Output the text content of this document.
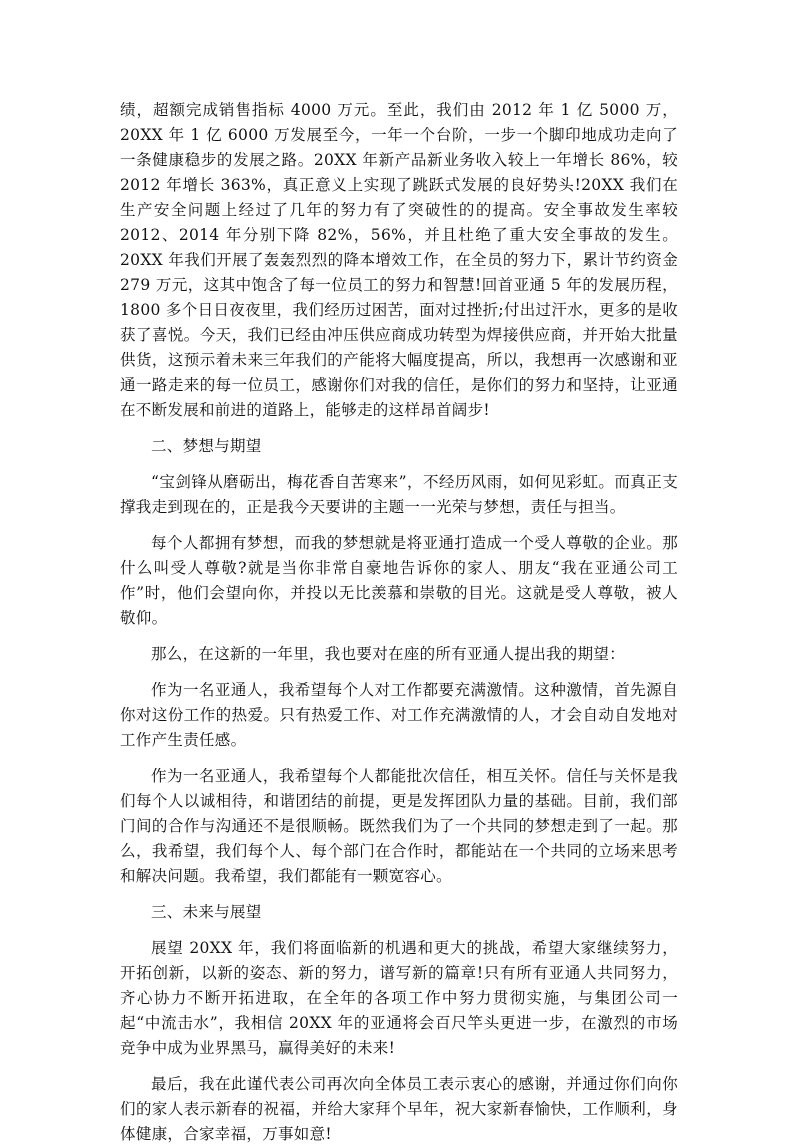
绩，超额完成销售指标 4000 万元。至此，我们由 2012 年 1 亿 5000 万，20XX 年 1 亿 6000 万发展至今，一年一个台阶，一步一个脚印地成功走向了一条健康稳步的发展之路。20XX 年新产品新业务收入较上一年增长 86%，较 2012 年增长 363%，真正意义上实现了跳跃式发展的良好势头!20XX 我们在生产安全问题上经过了几年的努力有了突破性的的提高。安全事故发生率较 2012、2014 年分别下降 82%，56%，并且杜绝了重大安全事故的发生。20XX 年我们开展了轰轰烈烈的降本增效工作，在全员的努力下，累计节约资金 279 万元，这其中饱含了每一位员工的努力和智慧!回首亚通 5 年的发展历程，1800 多个日日夜夜里，我们经历过困苦，面对过挫折;付出过汗水，更多的是收获了喜悦。今天，我们已经由冲压供应商成功转型为焊接供应商，并开始大批量供货，这预示着未来三年我们的产能将大幅度提高，所以，我想再一次感谢和亚通一路走来的每一位员工，感谢你们对我的信任，是你们的努力和坚持，让亚通在不断发展和前进的道路上，能够走的这样昂首阔步!

二、梦想与期望

“宝剑锋从磨砺出，梅花香自苦寒来”，不经历风雨，如何见彩虹。而真正支撑我走到现在的，正是我今天要讲的主题一一光荣与梦想，责任与担当。

每个人都拥有梦想，而我的梦想就是将亚通打造成一个受人尊敬的企业。那什么叫受人尊敬?就是当你非常自豪地告诉你的家人、朋友“我在亚通公司工作”时，他们会望向你，并投以无比羡慕和崇敬的目光。这就是受人尊敬，被人敬仰。

那么，在这新的一年里，我也要对在座的所有亚通人提出我的期望：

作为一名亚通人，我希望每个人对工作都要充满激情。这种激情，首先源自你对这份工作的热爱。只有热爱工作、对工作充满激情的人，才会自动自发地对工作产生责任感。

作为一名亚通人，我希望每个人都能批次信任，相互关怀。信任与关怀是我们每个人以诚相待，和谐团结的前提，更是发挥团队力量的基础。目前，我们部门间的合作与沟通还不是很顺畅。既然我们为了一个共同的梦想走到了一起。那么，我希望，我们每个人、每个部门在合作时，都能站在一个共同的立场来思考和解决问题。我希望，我们都能有一颗宽容心。

三、未来与展望

展望 20XX 年，我们将面临新的机遇和更大的挑战，希望大家继续努力，开拓创新，以新的姿态、新的努力，谱写新的篇章!只有所有亚通人共同努力，齐心协力不断开拓进取，在全年的各项工作中努力贯彻实施，与集团公司一起“中流击水”，我相信 20XX 年的亚通将会百尺竿头更进一步，在激烈的市场竞争中成为业界黑马，赢得美好的未来!

最后，我在此谨代表公司再次向全体员工表示衷心的感谢，并通过你们向你们的家人表示新春的祝福，并给大家拜个早年，祝大家新春愉快，工作顺利，身体健康，合家幸福，万事如意!
